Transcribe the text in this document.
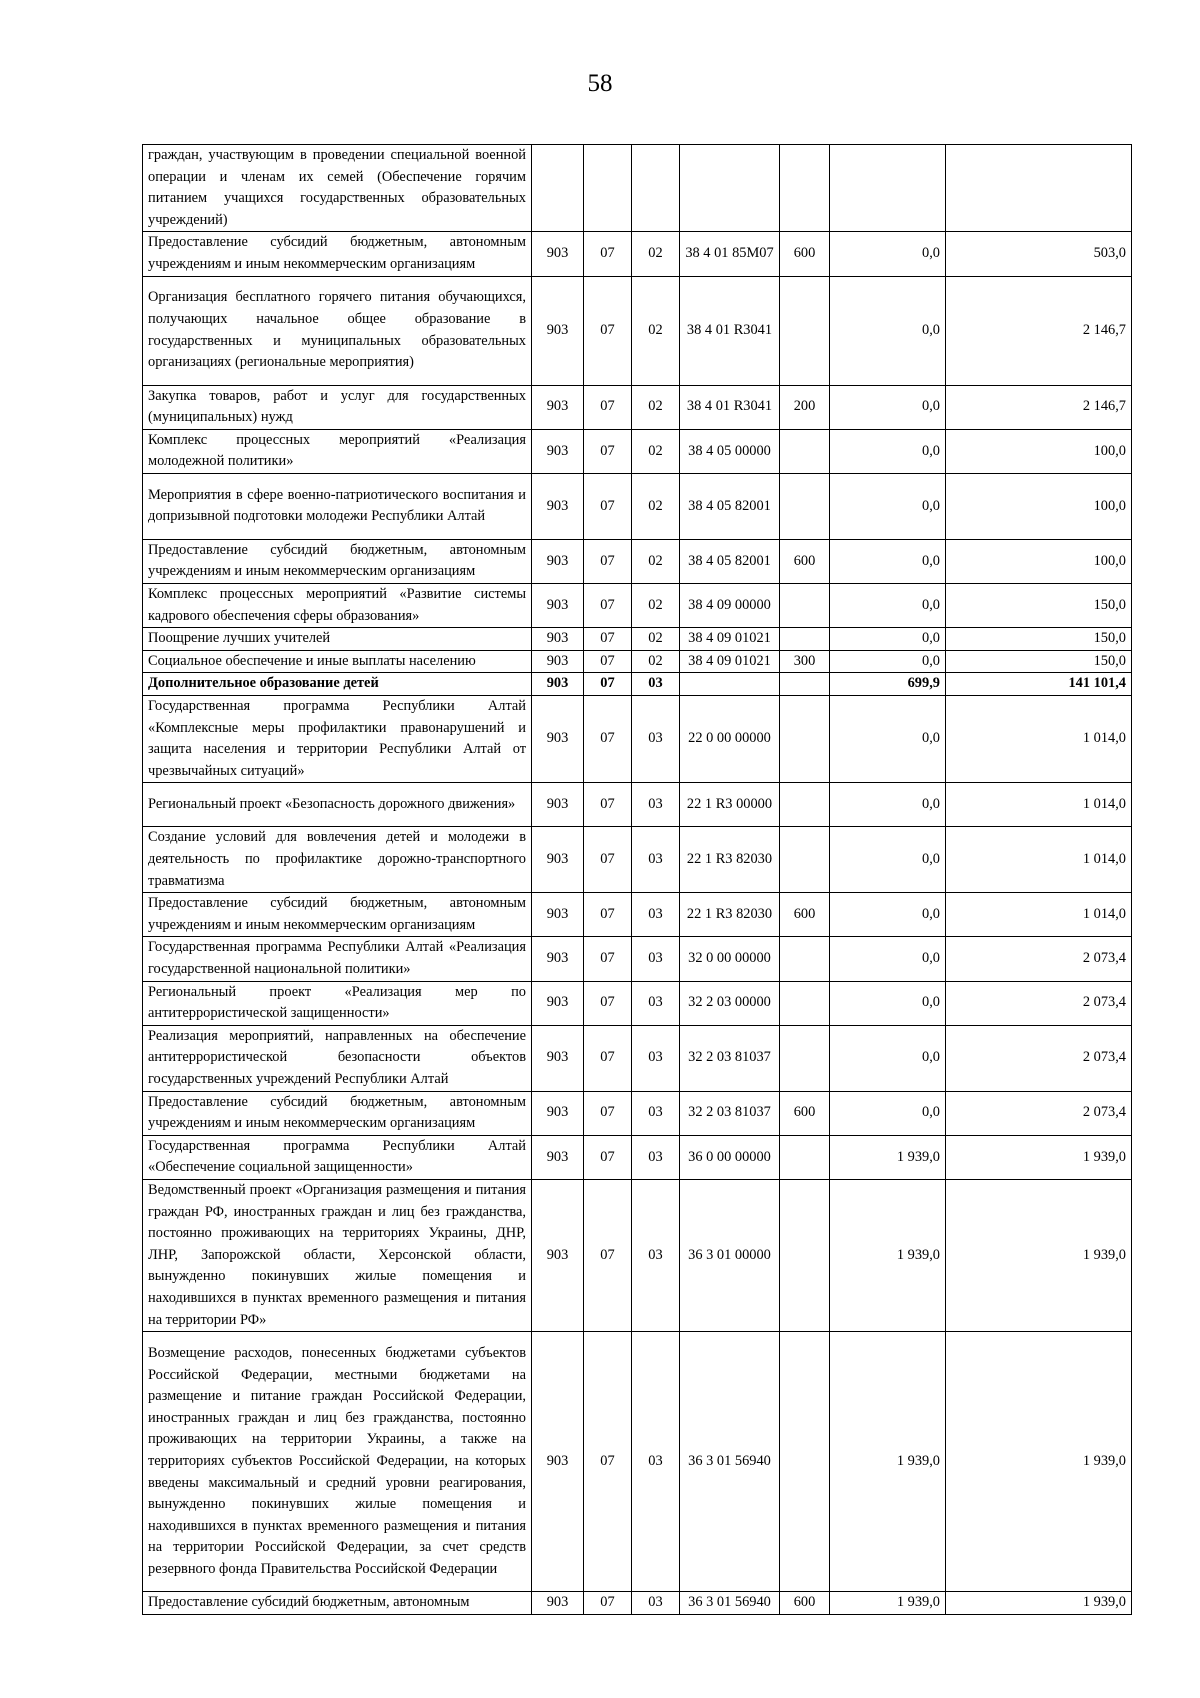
58
граждан, участвующим в проведении специальной военной операции и членам их семей (Обеспечение горячим питанием учащихся государственных образовательных учреждений)							
Предоставление субсидий бюджетным, автономным учреждениям и иным некоммерческим организациям	903	07	02	38 4 01 85М07	600	0,0	503,0
Организация бесплатного горячего питания обучающихся, получающих начальное общее образование в государственных и муниципальных образовательных организациях (региональные мероприятия)	903	07	02	38 4 01 R3041		0,0	2 146,7
Закупка товаров, работ и услуг для государственных (муниципальных) нужд	903	07	02	38 4 01 R3041	200	0,0	2 146,7
Комплекс процессных мероприятий «Реализация молодежной политики»	903	07	02	38 4 05 00000		0,0	100,0
Мероприятия в сфере военно-патриотического воспитания и допризывной подготовки молодежи Республики Алтай	903	07	02	38 4 05 82001		0,0	100,0
Предоставление субсидий бюджетным, автономным учреждениям и иным некоммерческим организациям	903	07	02	38 4 05 82001	600	0,0	100,0
Комплекс процессных мероприятий «Развитие системы кадрового обеспечения сферы образования»	903	07	02	38 4 09 00000		0,0	150,0
Поощрение лучших учителей	903	07	02	38 4 09 01021		0,0	150,0
Социальное обеспечение и иные выплаты населению	903	07	02	38 4 09 01021	300	0,0	150,0
Дополнительное образование детей	903	07	03			699,9	141 101,4
Государственная программа Республики Алтай «Комплексные меры профилактики правонарушений и защита населения и территории Республики Алтай от чрезвычайных ситуаций»	903	07	03	22 0 00 00000		0,0	1 014,0
Региональный проект «Безопасность дорожного движения»	903	07	03	22 1 R3 00000		0,0	1 014,0
Создание условий для вовлечения детей и молодежи в деятельность по профилактике дорожно-транспортного травматизма	903	07	03	22 1 R3 82030		0,0	1 014,0
Предоставление субсидий бюджетным, автономным учреждениям и иным некоммерческим организациям	903	07	03	22 1 R3 82030	600	0,0	1 014,0
Государственная программа Республики Алтай «Реализация государственной национальной политики»	903	07	03	32 0 00 00000		0,0	2 073,4
Региональный проект «Реализация мер по антитеррористической защищенности»	903	07	03	32 2 03 00000		0,0	2 073,4
Реализация мероприятий, направленных на обеспечение антитеррористической безопасности объектов государственных учреждений Республики Алтай	903	07	03	32 2 03 81037		0,0	2 073,4
Предоставление субсидий бюджетным, автономным учреждениям и иным некоммерческим организациям	903	07	03	32 2 03 81037	600	0,0	2 073,4
Государственная программа Республики Алтай «Обеспечение социальной защищенности»	903	07	03	36 0 00 00000		1 939,0	1 939,0
Ведомственный проект «Организация размещения и питания граждан РФ, иностранных граждан и лиц без гражданства, постоянно проживающих на территориях Украины, ДНР, ЛНР, Запорожской области, Херсонской области, вынужденно покинувших жилые помещения и находившихся в пунктах временного размещения и питания на территории РФ»	903	07	03	36 3 01 00000		1 939,0	1 939,0
Возмещение расходов, понесенных бюджетами субъектов Российской Федерации, местными бюджетами на размещение и питание граждан Российской Федерации, иностранных граждан и лиц без гражданства, постоянно проживающих на территории Украины, а также на территориях субъектов Российской Федерации, на которых введены максимальный и средний уровни реагирования, вынужденно покинувших жилые помещения и находившихся в пунктах временного размещения и питания на территории Российской Федерации, за счет средств резервного фонда Правительства Российской Федерации	903	07	03	36 3 01 56940		1 939,0	1 939,0
Предоставление субсидий бюджетным, автономным	903	07	03	36 3 01 56940	600	1 939,0	1 939,0
